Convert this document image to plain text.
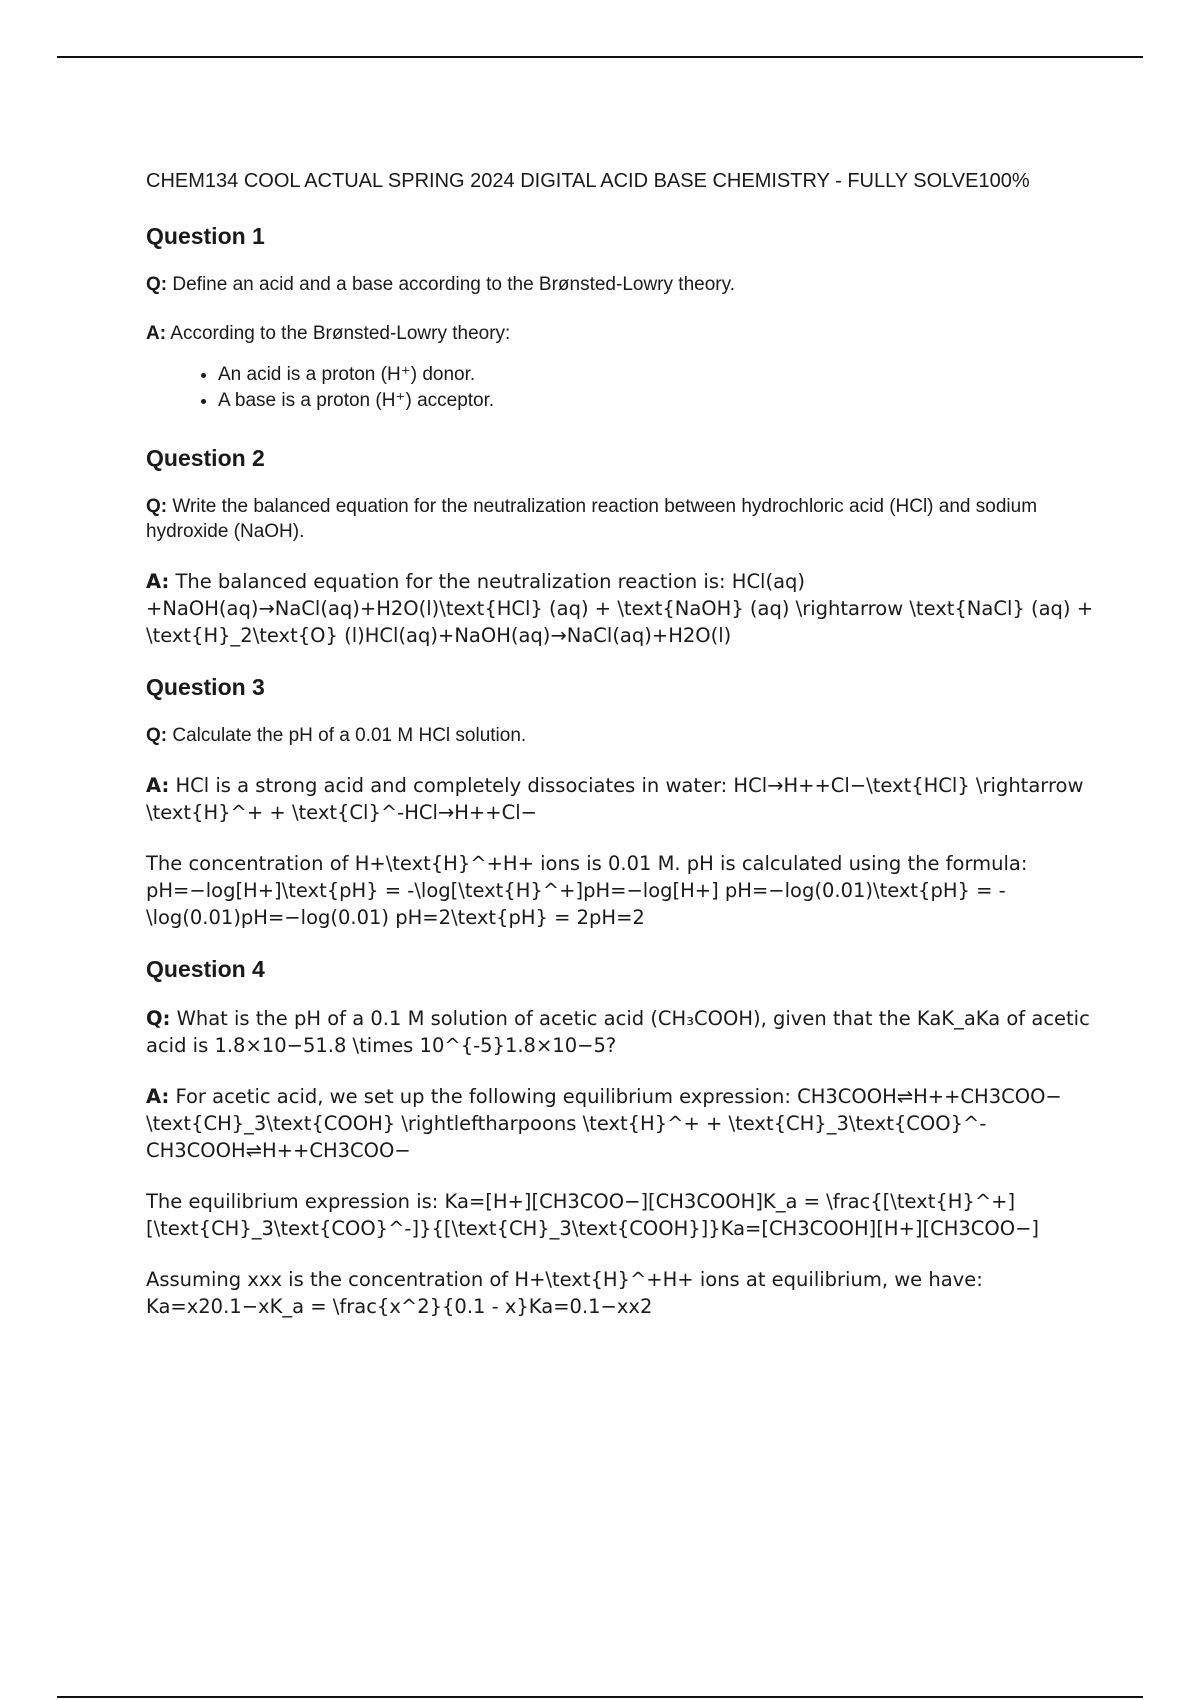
CHEM134 COOL ACTUAL SPRING 2024 DIGITAL ACID BASE CHEMISTRY - FULLY SOLVE100%

Question 1

Q: Define an acid and a base according to the Brønsted-Lowry theory.

A: According to the Brønsted-Lowry theory:

• An acid is a proton (H⁺) donor.
• A base is a proton (H⁺) acceptor.
Question 2

Q: Write the balanced equation for the neutralization reaction between hydrochloric acid (HCl) and sodium hydroxide (NaOH).

A: The balanced equation for the neutralization reaction is: HCl(aq) +NaOH(aq)→NaCl(aq)+H2O(l)\text{HCl} (aq) + \text{NaOH} (aq) \rightarrow \text{NaCl} (aq) + \text{H}_2\text{O} (l)HCl(aq)+NaOH(aq)→NaCl(aq)+H2O(l)

Question 3

Q: Calculate the pH of a 0.01 M HCl solution.

A: HCl is a strong acid and completely dissociates in water: HCl→H++Cl−\text{HCl} \rightarrow \text{H}^+ + \text{Cl}^-HCl→H++Cl−

The concentration of H+\text{H}^+H+ ions is 0.01 M. pH is calculated using the formula: pH=−log[H+]\text{pH} = -\log[\text{H}^+]pH=−log[H+] pH=−log(0.01)\text{pH} = -\log(0.01)pH=−log(0.01) pH=2\text{pH} = 2pH=2

Question 4

Q: What is the pH of a 0.1 M solution of acetic acid (CH₃COOH), given that the KaK_aKa of acetic acid is 1.8×10−51.8 \times 10^{-5}1.8×10−5?

A: For acetic acid, we set up the following equilibrium expression: CH3COOH⇌H++CH3COO−\text{CH}_3\text{COOH} \rightleftharpoons \text{H}^+ + \text{CH}_3\text{COO}^-CH3COOH⇌H++CH3COO−

The equilibrium expression is: Ka=[H+][CH3COO−][CH3COOH]K_a = \frac{[\text{H}^+][\text{CH}_3\text{COO}^-]}{[\text{CH}_3\text{COOH}]}Ka=[CH3COOH][H+][CH3COO−]

Assuming xxx is the concentration of H+\text{H}^+H+ ions at equilibrium, we have: Ka=x20.1−xK_a = \frac{x^2}{0.1 - x}Ka=0.1−xx2
